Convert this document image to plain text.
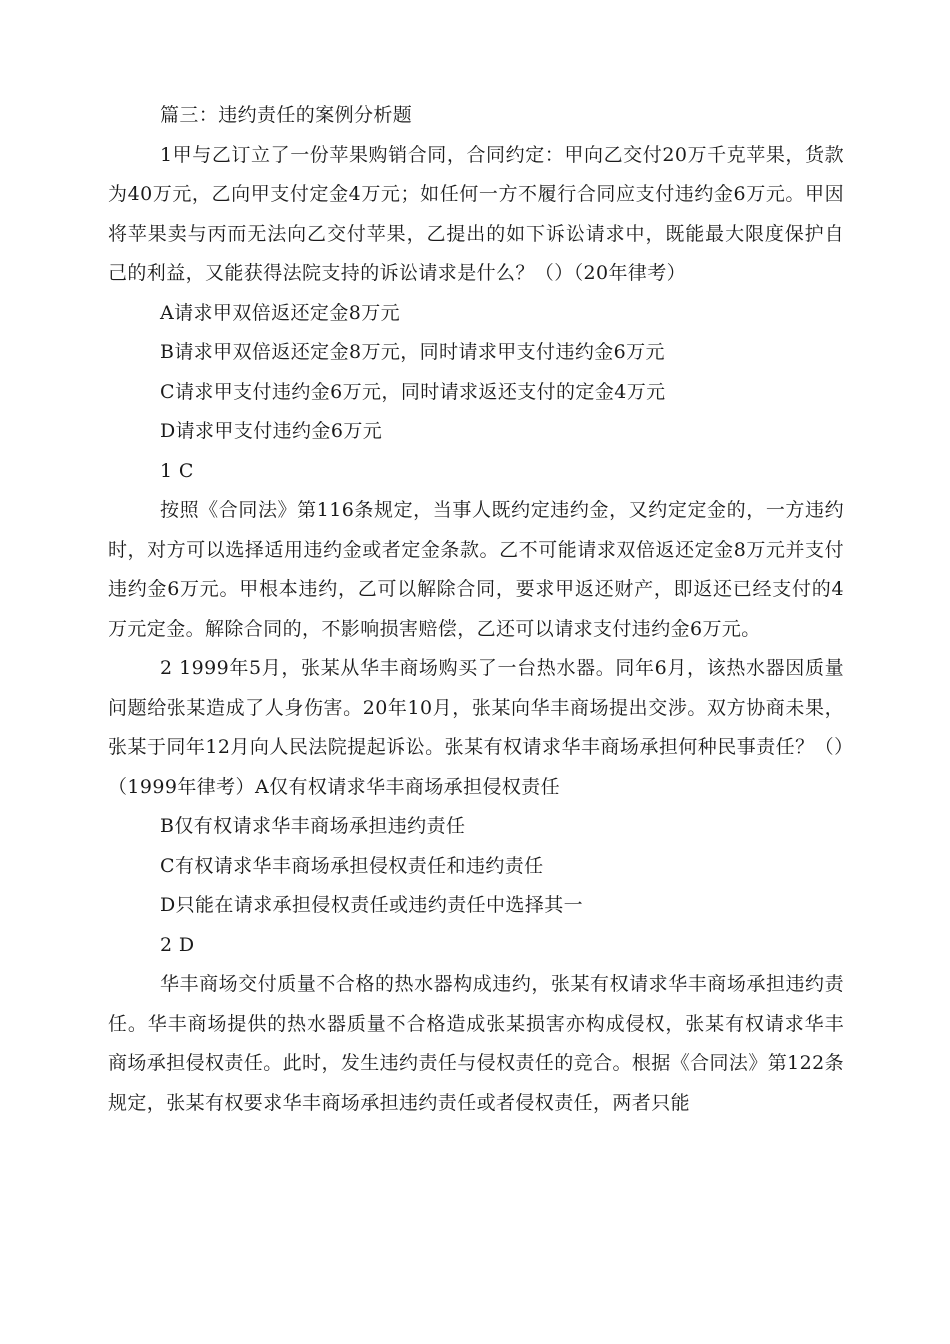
篇三：违约责任的案例分析题

1甲与乙订立了一份苹果购销合同，合同约定：甲向乙交付20万千克苹果，货款为40万元，乙向甲支付定金4万元；如任何一方不履行合同应支付违约金6万元。甲因将苹果卖与丙而无法向乙交付苹果，乙提出的如下诉讼请求中，既能最大限度保护自己的利益，又能获得法院支持的诉讼请求是什么？（）（20年律考）

A请求甲双倍返还定金8万元

B请求甲双倍返还定金8万元，同时请求甲支付违约金6万元

C请求甲支付违约金6万元，同时请求返还支付的定金4万元

D请求甲支付违约金6万元

1 C

按照《合同法》第116条规定，当事人既约定违约金，又约定定金的，一方违约时，对方可以选择适用违约金或者定金条款。乙不可能请求双倍返还定金8万元并支付违约金6万元。甲根本违约，乙可以解除合同，要求甲返还财产，即返还已经支付的4万元定金。解除合同的，不影响损害赔偿，乙还可以请求支付违约金6万元。

2 1999年5月，张某从华丰商场购买了一台热水器。同年6月，该热水器因质量问题给张某造成了人身伤害。20年10月，张某向华丰商场提出交涉。双方协商未果，张某于同年12月向人民法院提起诉讼。张某有权请求华丰商场承担何种民事责任？（）（1999年律考）A仅有权请求华丰商场承担侵权责任

B仅有权请求华丰商场承担违约责任

C有权请求华丰商场承担侵权责任和违约责任

D只能在请求承担侵权责任或违约责任中选择其一

2 D

华丰商场交付质量不合格的热水器构成违约，张某有权请求华丰商场承担违约责任。华丰商场提供的热水器质量不合格造成张某损害亦构成侵权，张某有权请求华丰商场承担侵权责任。此时，发生违约责任与侵权责任的竞合。根据《合同法》第122条规定，张某有权要求华丰商场承担违约责任或者侵权责任，两者只能
